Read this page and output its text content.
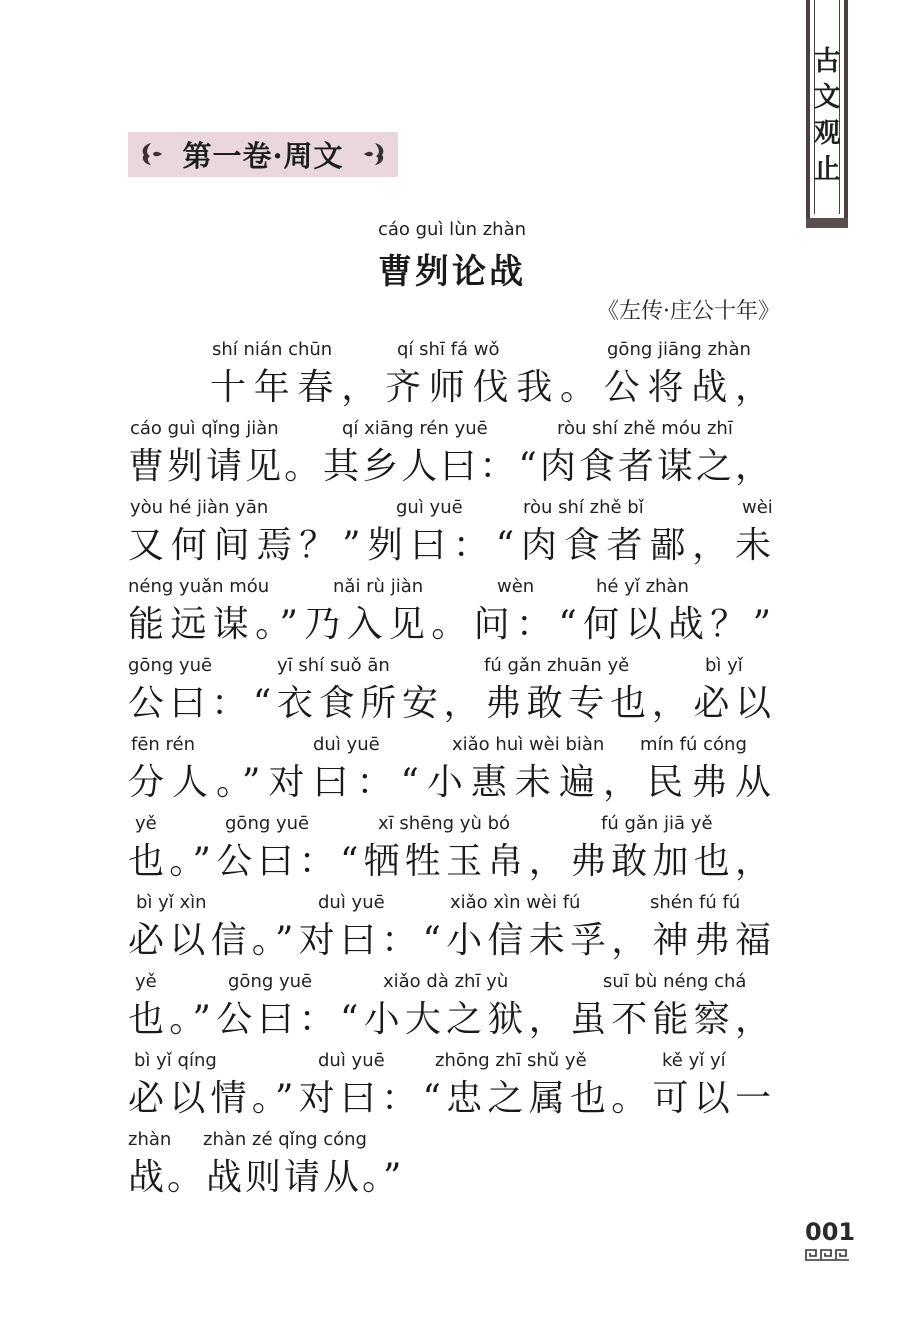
古
文
观
止
第一卷·周文
cáo guì lùn zhàn
曹刿论战
《左传·庄公十年》
shí nián chūn	qí shī fá wǒ	gōng jiāng zhàn
十年春，齐师伐我。公将战，
cáo guì qǐng jiàn	qí xiāng rén yuē	ròu shí zhě móu zhī
曹刿请见。其乡人曰：“肉食者谋之，
yòu hé jiàn yān	guì yuē	ròu shí zhě bǐ	wèi
又何间焉？”刿曰：“肉食者鄙，未
néng yuǎn móu	nǎi rù jiàn	wèn	hé yǐ zhàn
能远谋。”乃入见。问：“何以战？”
gōng yuē	yī shí suǒ ān	fú gǎn zhuān yě	bì yǐ
公曰：“衣食所安，弗敢专也，必以
fēn rén	duì yuē	xiǎo huì wèi biàn mín fú cóng
分人。”对曰：“小惠未遍，民弗从
yě	gōng yuē	xī shēng yù bó	fú gǎn jiā yě
也。”公曰：“牺牲玉帛，弗敢加也，
bì yǐ xìn	duì yuē	xiǎo xìn wèi fú	shén fú fú
必以信。”对曰：“小信未孚，神弗福
yě	gōng yuē	xiǎo dà zhī yù	suī bù néng chá
也。”公曰：“小大之狱，虽不能察，
bì yǐ qíng	duì yuē	zhōng zhī shǔ yě	kě yǐ yí
必以情。”对曰：“忠之属也。可以一
zhàn zhàn zé qǐng cóng
战。战则请从。”
001
